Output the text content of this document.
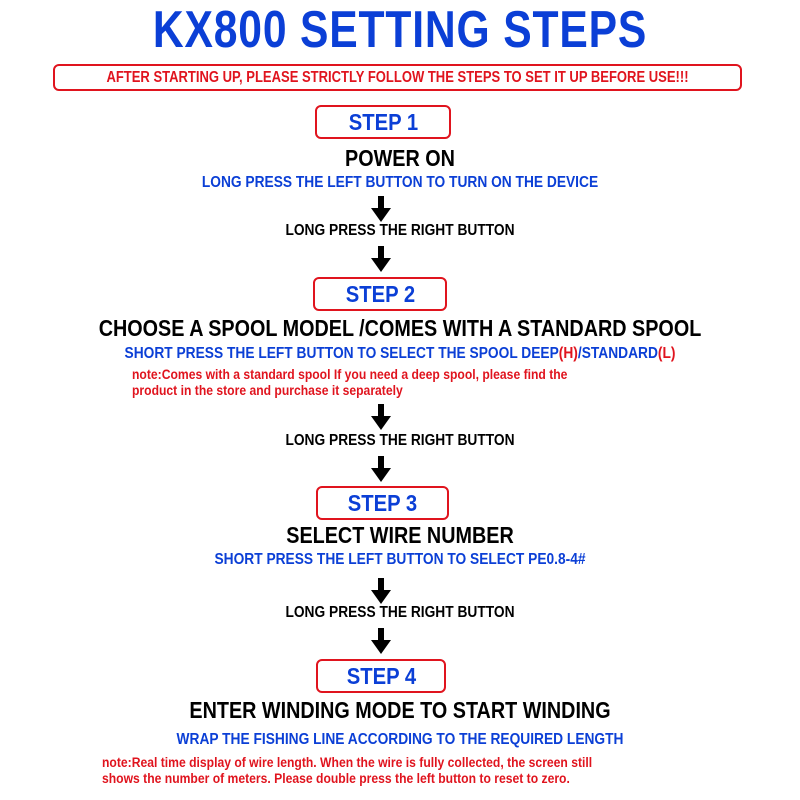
KX800 SETTING STEPS
AFTER STARTING UP, PLEASE STRICTLY FOLLOW THE STEPS TO SET IT UP BEFORE USE!!!
STEP 1
POWER ON
LONG PRESS THE LEFT BUTTON TO TURN ON THE DEVICE
LONG PRESS THE RIGHT BUTTON
STEP 2
CHOOSE A SPOOL MODEL /COMES WITH A STANDARD SPOOL
SHORT PRESS THE LEFT BUTTON TO SELECT THE SPOOL DEEP(H)/STANDARD(L)
note:Comes with a standard spool If you need a deep spool, please find the
product in the store and purchase it separately
LONG PRESS THE RIGHT BUTTON
STEP 3
SELECT WIRE NUMBER
SHORT PRESS THE LEFT BUTTON TO SELECT PE0.8-4#
LONG PRESS THE RIGHT BUTTON
STEP 4
ENTER WINDING MODE TO START WINDING
WRAP THE FISHING LINE ACCORDING TO THE REQUIRED LENGTH
note:Real time display of wire length. When the wire is fully collected, the screen still
shows the number of meters. Please double press the left button to reset to zero.
